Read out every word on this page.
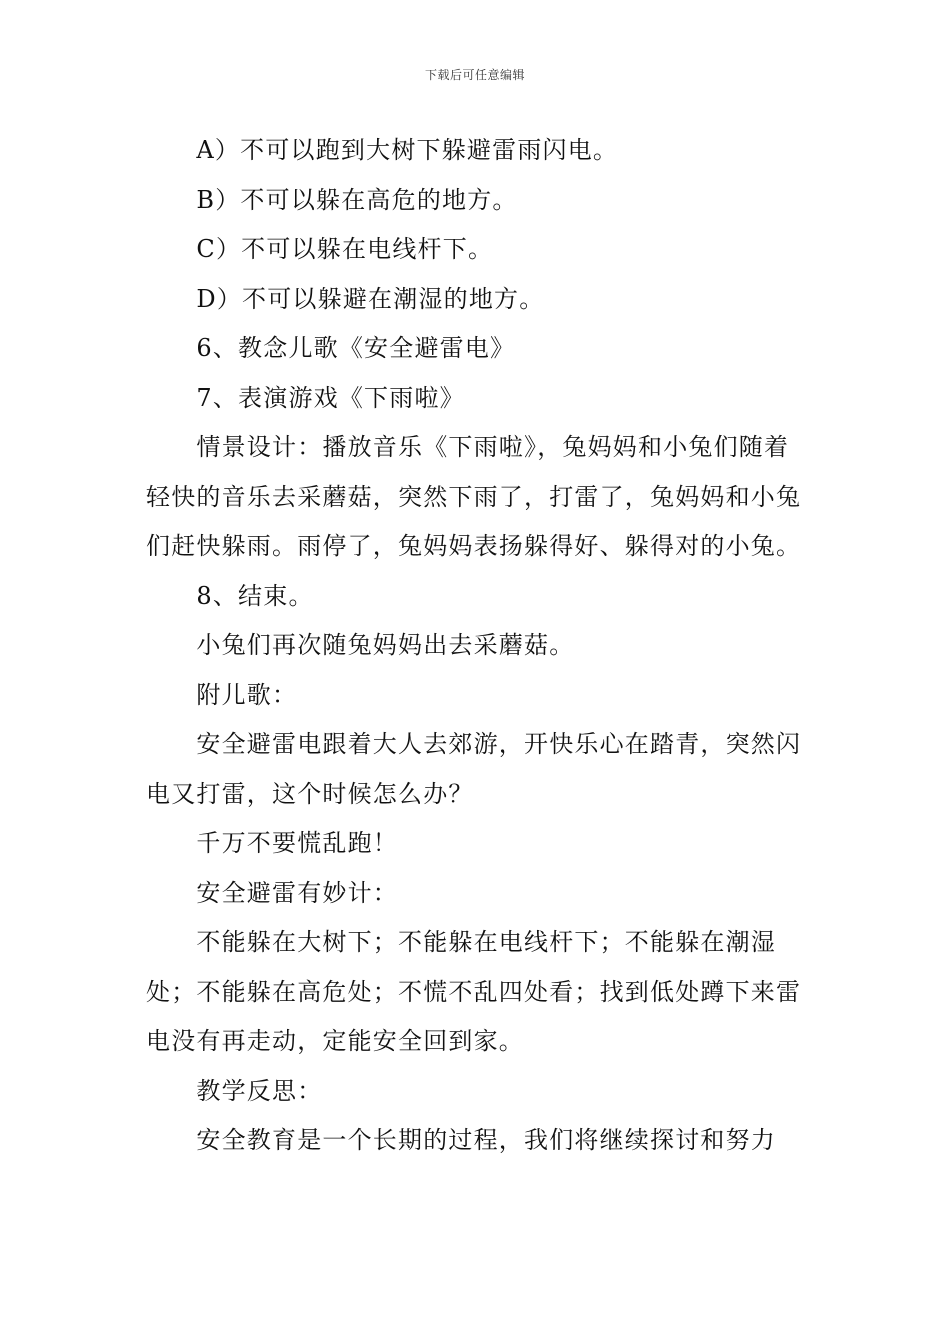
下载后可任意编辑

A）不可以跑到大树下躲避雷雨闪电。

B）不可以躲在高危的地方。

C）不可以躲在电线杆下。

D）不可以躲避在潮湿的地方。

6、教念儿歌《安全避雷电》

7、表演游戏《下雨啦》

情景设计：播放音乐《下雨啦》，兔妈妈和小兔们随着轻快的音乐去采蘑菇，突然下雨了，打雷了，兔妈妈和小兔们赶快躲雨。雨停了，兔妈妈表扬躲得好、躲得对的小兔。

8、结束。

小兔们再次随兔妈妈出去采蘑菇。

附儿歌：

安全避雷电跟着大人去郊游，开快乐心在踏青，突然闪电又打雷，这个时候怎么办？

千万不要慌乱跑！

安全避雷有妙计：

不能躲在大树下；不能躲在电线杆下；不能躲在潮湿处；不能躲在高危处；不慌不乱四处看；找到低处蹲下来雷电没有再走动，定能安全回到家。

教学反思：

安全教育是一个长期的过程，我们将继续探讨和努力
